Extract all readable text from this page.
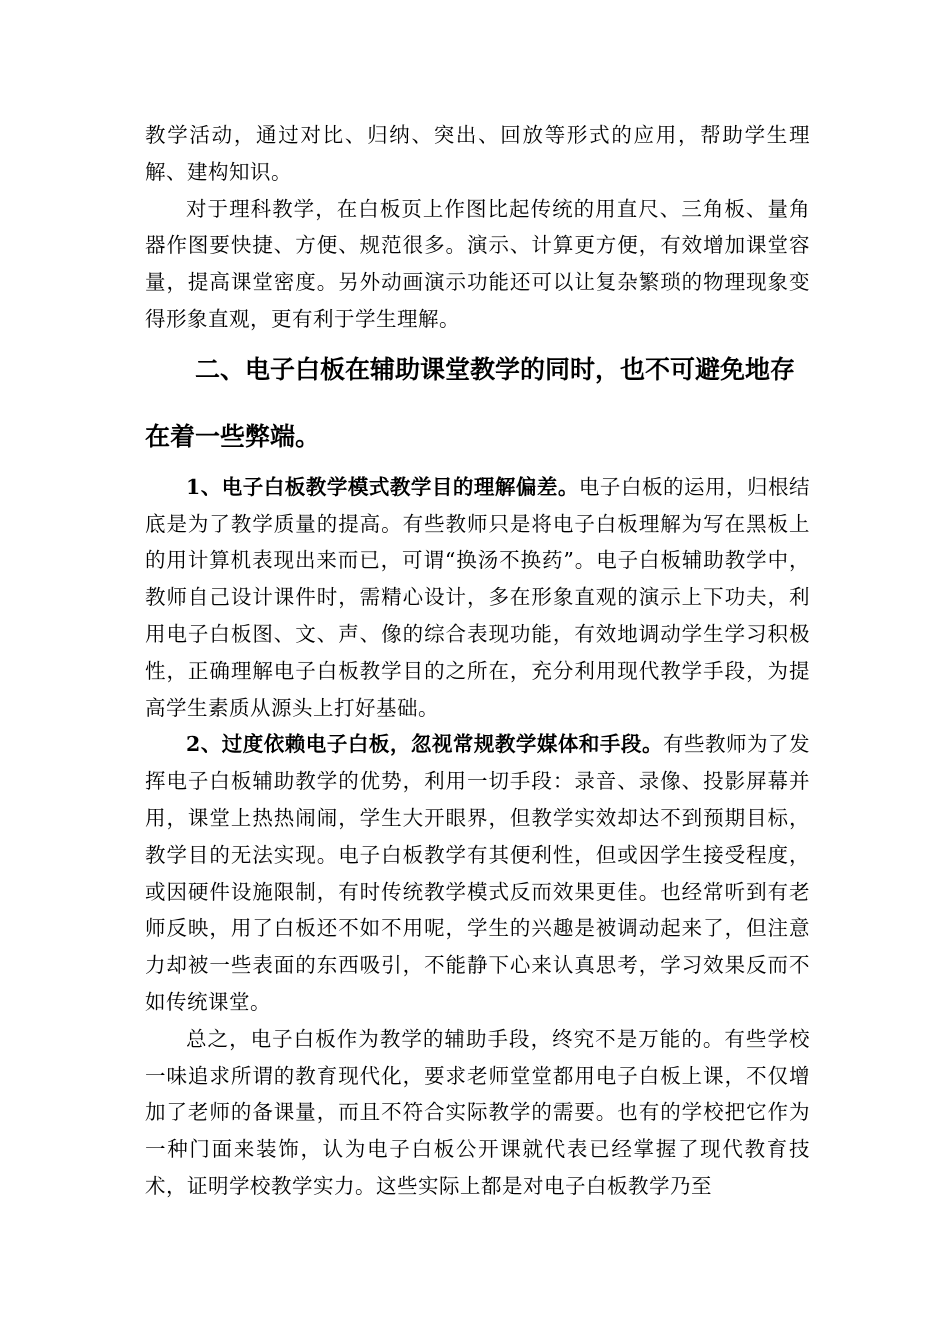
教学活动，通过对比、归纳、突出、回放等形式的应用，帮助学生理解、建构知识。

对于理科教学，在白板页上作图比起传统的用直尺、三角板、量角器作图要快捷、方便、规范很多。演示、计算更方便，有效增加课堂容量，提高课堂密度。另外动画演示功能还可以让复杂繁琐的物理现象变得形象直观，更有利于学生理解。

二、电子白板在辅助课堂教学的同时，也不可避免地存
在着一些弊端。

1、电子白板教学模式教学目的理解偏差。电子白板的运用，归根结底是为了教学质量的提高。有些教师只是将电子白板理解为写在黑板上的用计算机表现出来而已，可谓“换汤不换药”。电子白板辅助教学中，教师自己设计课件时，需精心设计，多在形象直观的演示上下功夫，利用电子白板图、文、声、像的综合表现功能，有效地调动学生学习积极性，正确理解电子白板教学目的之所在，充分利用现代教学手段，为提高学生素质从源头上打好基础。

2、过度依赖电子白板，忽视常规教学媒体和手段。有些教师为了发挥电子白板辅助教学的优势，利用一切手段：录音、录像、投影屏幕并用，课堂上热热闹闹，学生大开眼界，但教学实效却达不到预期目标，教学目的无法实现。电子白板教学有其便利性，但或因学生接受程度，或因硬件设施限制，有时传统教学模式反而效果更佳。也经常听到有老师反映，用了白板还不如不用呢，学生的兴趣是被调动起来了，但注意力却被一些表面的东西吸引，不能静下心来认真思考，学习效果反而不如传统课堂。

总之，电子白板作为教学的辅助手段，终究不是万能的。有些学校一味追求所谓的教育现代化，要求老师堂堂都用电子白板上课，不仅增加了老师的备课量，而且不符合实际教学的需要。也有的学校把它作为一种门面来装饰，认为电子白板公开课就代表已经掌握了现代教育技术，证明学校教学实力。这些实际上都是对电子白板教学乃至
